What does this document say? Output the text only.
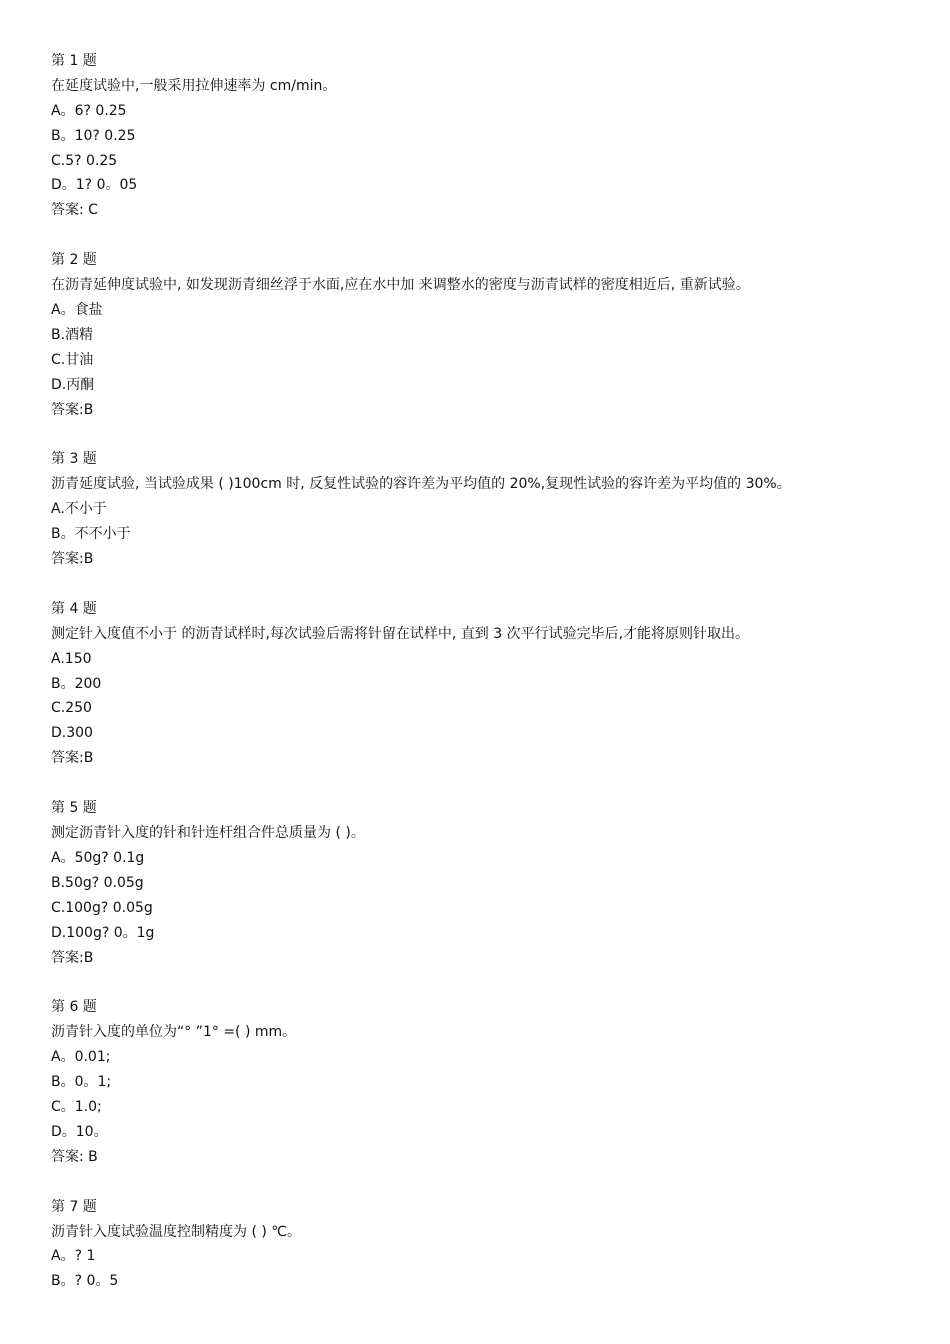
第 1 题
在延度试验中,一般采用拉伸速率为 cm/min。
A。6? 0.25
B。10? 0.25
C.5? 0.25
D。1? 0。05
答案: C
第 2 题
在沥青延伸度试验中, 如发现沥青细丝浮于水面,应在水中加 来调整水的密度与沥青试样的密度相近后, 重新试验。
A。食盐
B.酒精
C.甘油
D.丙酮
答案:B
第 3 题
沥青延度试验, 当试验成果 ( )100cm 时, 反复性试验的容许差为平均值的 20%,复现性试验的容许差为平均值的 30%。
A.不小于
B。不不小于
答案:B
第 4 题
测定针入度值不小于 的沥青试样时,每次试验后需将针留在试样中, 直到 3 次平行试验完毕后,才能将原则针取出。
A.150
B。200
C.250
D.300
答案:B
第 5 题
测定沥青针入度的针和针连杆组合件总质量为 ( )。
A。50g? 0.1g
B.50g? 0.05g
C.100g? 0.05g
D.100g? 0。1g
答案:B
第 6 题
沥青针入度的单位为“° ”1° =( ) mm。
A。0.01;
B。0。1;
C。1.0;
D。10。
答案: B
第 7 题
沥青针入度试验温度控制精度为 ( ) ℃。
A。? 1
B。? 0。5
